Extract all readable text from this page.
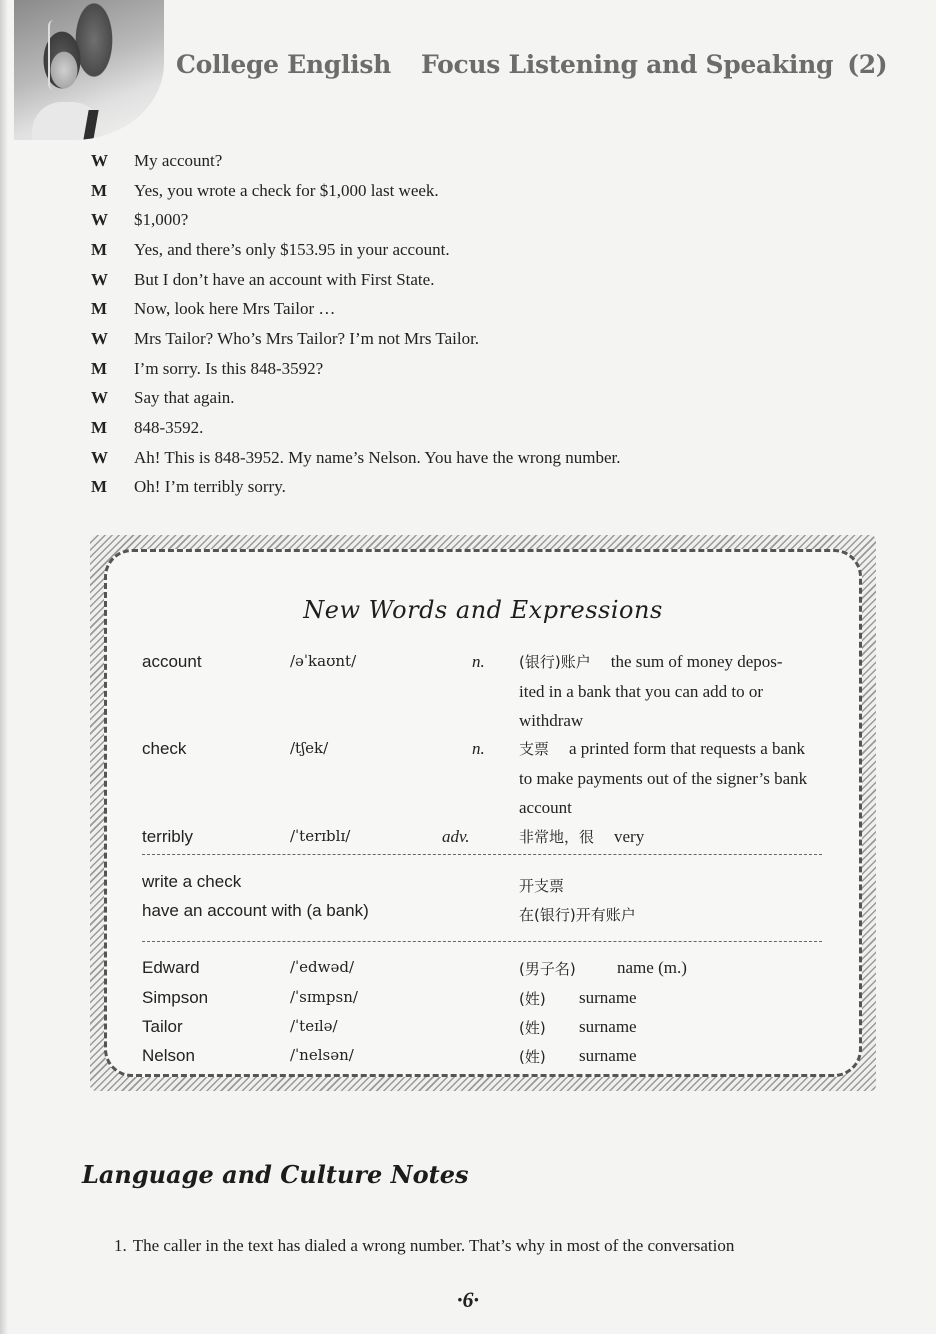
College English Focus Listening and Speaking (2)
W	My account?
M	Yes, you wrote a check for $1,000 last week.
W	$1,000?
M	Yes, and there’s only $153.95 in your account.
W	But I don’t have an account with First State.
M	Now, look here Mrs Tailor …
W	Mrs Tailor? Who’s Mrs Tailor? I’m not Mrs Tailor.
M	I’m sorry. Is this 848-3592?
W	Say that again.
M	848-3592.
W	Ah! This is 848-3952. My name’s Nelson. You have the wrong number.
M	Oh! I’m terribly sorry.
New Words and Expressions
account	/əˈkaʊnt/	n. (银行)账户 the sum of money depos-
ited in a bank that you can add to or
withdraw
check	/tʃek/	n. 支票 a printed form that requests a bank
to make payments out of the signer’s bank
account
terribly	/ˈterɪblɪ/	adv.	非常地，很 very
write a check	开支票
have an account with (a bank)	在(银行)开有账户
Edward	/ˈedwəd/	(男子名) name (m.)
Simpson	/ˈsɪmpsn/	(姓) surname
Tailor	/ˈteɪlə/	(姓) surname
Nelson	/ˈnelsən/	(姓) surname
Language and Culture Notes
1. The caller in the text has dialed a wrong number. That’s why in most of the conversation
·6·
